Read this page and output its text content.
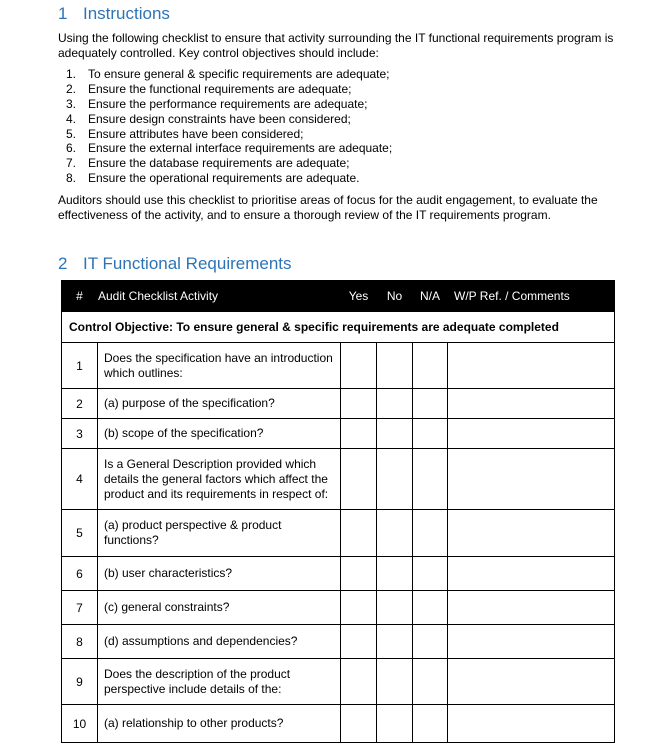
1 Instructions
Using the following checklist to ensure that activity surrounding the IT functional requirements program is adequately controlled. Key control objectives should include:
1. To ensure general & specific requirements are adequate;
2. Ensure the functional requirements are adequate;
3. Ensure the performance requirements are adequate;
4. Ensure design constraints have been considered;
5. Ensure attributes have been considered;
6. Ensure the external interface requirements are adequate;
7. Ensure the database requirements are adequate;
8. Ensure the operational requirements are adequate.
Auditors should use this checklist to prioritise areas of focus for the audit engagement, to evaluate the effectiveness of the activity, and to ensure a thorough review of the IT requirements program.
2 IT Functional Requirements
#	Audit Checklist Activity	Yes	No	N/A	W/P Ref. / Comments
Control Objective: To ensure general & specific requirements are adequate completed					
1	Does the specification have an introduction which outlines:				
2	(a) purpose of the specification?				
3	(b) scope of the specification?				
4	Is a General Description provided which details the general factors which affect the product and its requirements in respect of:				
5	(a) product perspective & product functions?				
6	(b) user characteristics?				
7	(c) general constraints?				
8	(d) assumptions and dependencies?				
9	Does the description of the product perspective include details of the:				
10	(a) relationship to other products?				
